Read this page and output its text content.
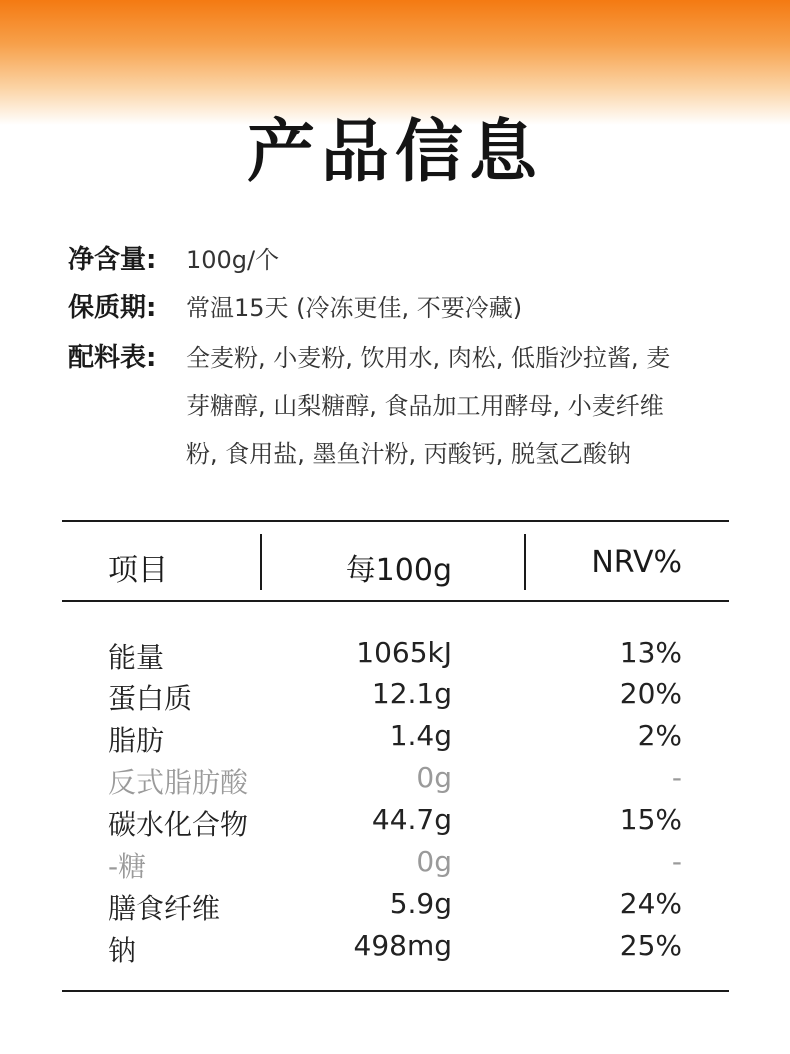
产品信息
净含量: 100g/个
保质期: 常温15天 (冷冻更佳, 不要冷藏)
配料表: 全麦粉, 小麦粉, 饮用水, 肉松, 低脂沙拉酱, 麦
芽糖醇, 山梨糖醇, 食品加工用酵母, 小麦纤维
粉, 食用盐, 墨鱼汁粉, 丙酸钙, 脱氢乙酸钠
项目	每100g	NRV%
能量	1065kJ	13%
蛋白质	12.1g	20%
脂肪	1.4g	2%
反式脂肪酸	0g	-
碳水化合物	44.7g	15%
-糖	0g	-
膳食纤维	5.9g	24%
钠	498mg	25%
